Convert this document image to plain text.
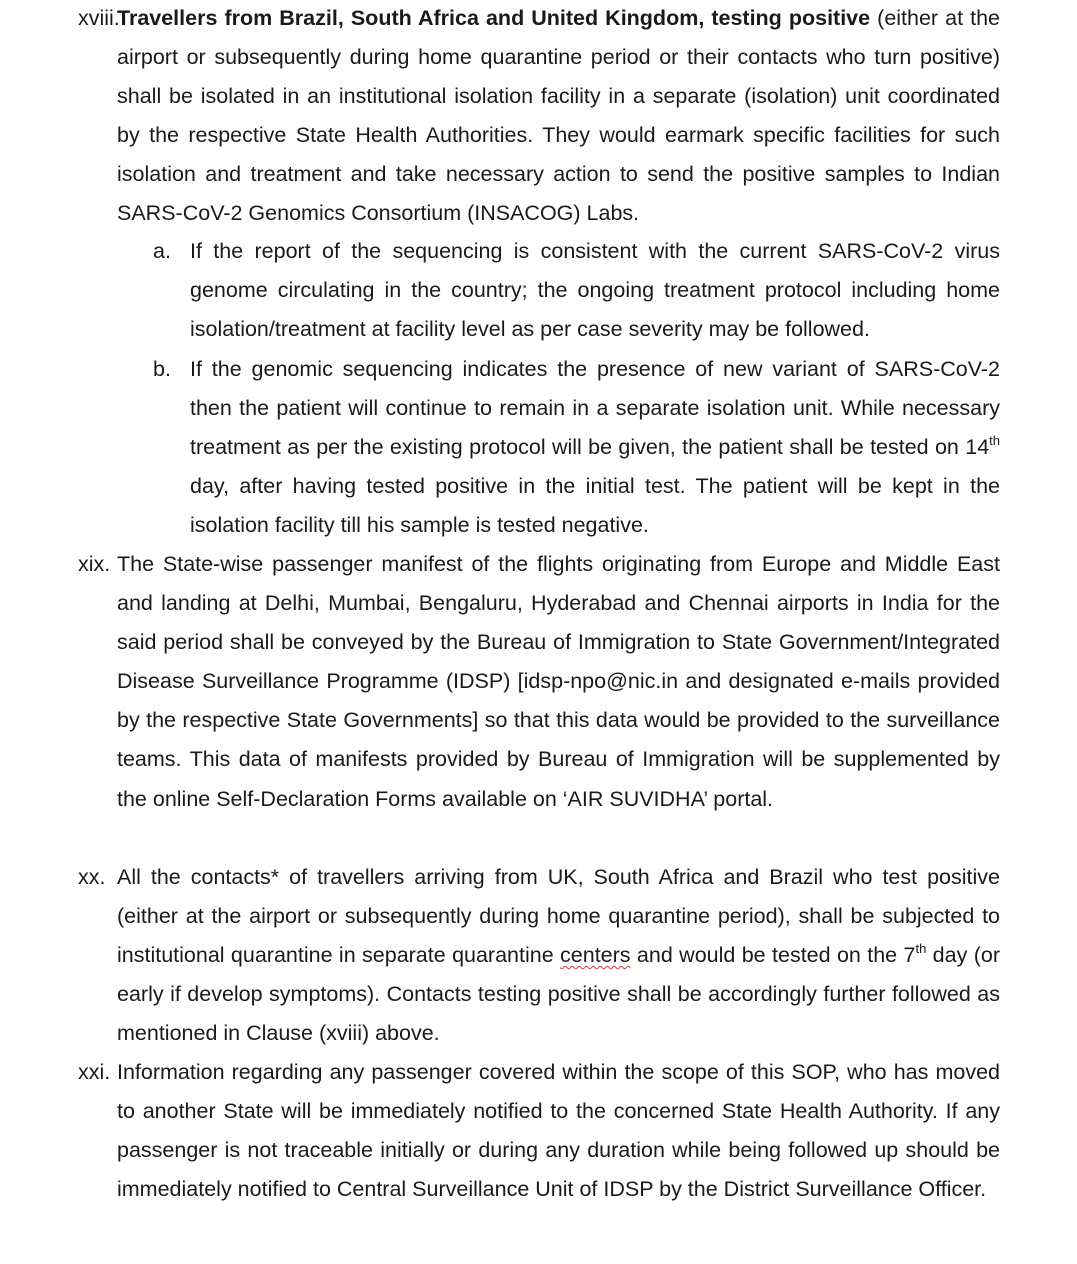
xviii.
Travellers from Brazil, South Africa and United Kingdom, testing positive (either at the airport or subsequently during home quarantine period or their contacts who turn positive) shall be isolated in an institutional isolation facility in a separate (isolation) unit coordinated by the respective State Health Authorities. They would earmark specific facilities for such isolation and treatment and take necessary action to send the positive samples to Indian SARS-CoV-2 Genomics Consortium (INSACOG) Labs.
a. If the report of the sequencing is consistent with the current SARS-CoV-2 virus genome circulating in the country; the ongoing treatment protocol including home isolation/treatment at facility level as per case severity may be followed.
b. If the genomic sequencing indicates the presence of new variant of SARS-CoV-2 then the patient will continue to remain in a separate isolation unit. While necessary treatment as per the existing protocol will be given, the patient shall be tested on 14th day, after having tested positive in the initial test. The patient will be kept in the isolation facility till his sample is tested negative.
xix. The State-wise passenger manifest of the flights originating from Europe and Middle East and landing at Delhi, Mumbai, Bengaluru, Hyderabad and Chennai airports in India for the said period shall be conveyed by the Bureau of Immigration to State Government/Integrated Disease Surveillance Programme (IDSP) [idsp-npo@nic.in and designated e-mails provided by the respective State Governments] so that this data would be provided to the surveillance teams. This data of manifests provided by Bureau of Immigration will be supplemented by the online Self-Declaration Forms available on ‘AIR SUVIDHA’ portal.
xx. All the contacts* of travellers arriving from UK, South Africa and Brazil who test positive (either at the airport or subsequently during home quarantine period), shall be subjected to institutional quarantine in separate quarantine centers and would be tested on the 7th day (or early if develop symptoms). Contacts testing positive shall be accordingly further followed as mentioned in Clause (xviii) above.
xxi. Information regarding any passenger covered within the scope of this SOP, who has moved to another State will be immediately notified to the concerned State Health Authority. If any passenger is not traceable initially or during any duration while being followed up should be immediately notified to Central Surveillance Unit of IDSP by the District Surveillance Officer.
